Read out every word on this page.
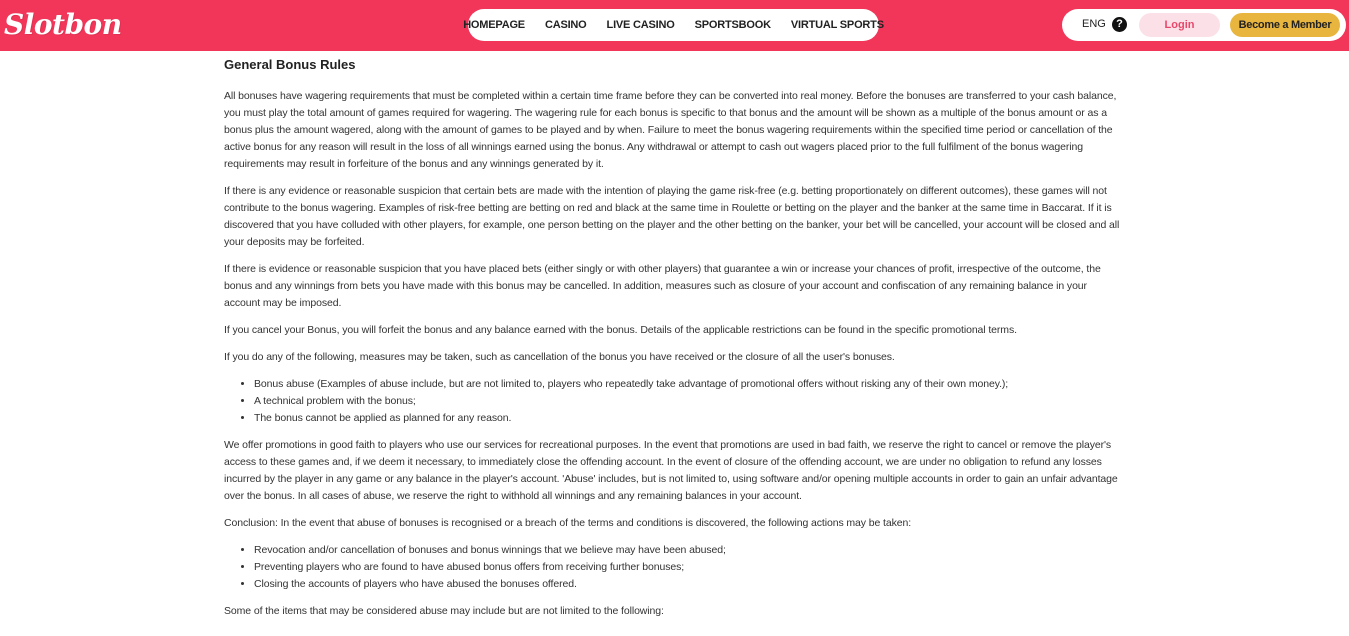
Slotbon	HOMEPAGE	CASINO	LIVE CASINO	SPORTSBOOK	VIRTUAL SPORTS	ENG ?	Login	Become a Member
General Bonus Rules

All bonuses have wagering requirements that must be completed within a certain time frame before they can be converted into real money. Before the bonuses are transferred to your cash balance, you must play the total amount of games required for wagering. The wagering rule for each bonus is specific to that bonus and the amount will be shown as a multiple of the bonus amount or as a bonus plus the amount wagered, along with the amount of games to be played and by when. Failure to meet the bonus wagering requirements within the specified time period or cancellation of the active bonus for any reason will result in the loss of all winnings earned using the bonus. Any withdrawal or attempt to cash out wagers placed prior to the full fulfilment of the bonus wagering requirements may result in forfeiture of the bonus and any winnings generated by it.

If there is any evidence or reasonable suspicion that certain bets are made with the intention of playing the game risk-free (e.g. betting proportionately on different outcomes), these games will not contribute to the bonus wagering. Examples of risk-free betting are betting on red and black at the same time in Roulette or betting on the player and the banker at the same time in Baccarat. If it is discovered that you have colluded with other players, for example, one person betting on the player and the other betting on the banker, your bet will be cancelled, your account will be closed and all your deposits may be forfeited.

If there is evidence or reasonable suspicion that you have placed bets (either singly or with other players) that guarantee a win or increase your chances of profit, irrespective of the outcome, the bonus and any winnings from bets you have made with this bonus may be cancelled. In addition, measures such as closure of your account and confiscation of any remaining balance in your account may be imposed.

If you cancel your Bonus, you will forfeit the bonus and any balance earned with the bonus. Details of the applicable restrictions can be found in the specific promotional terms.

If you do any of the following, measures may be taken, such as cancellation of the bonus you have received or the closure of all the user's bonuses.

• Bonus abuse (Examples of abuse include, but are not limited to, players who repeatedly take advantage of promotional offers without risking any of their own money.);
• A technical problem with the bonus;
• The bonus cannot be applied as planned for any reason.

We offer promotions in good faith to players who use our services for recreational purposes. In the event that promotions are used in bad faith, we reserve the right to cancel or remove the player's access to these games and, if we deem it necessary, to immediately close the offending account. In the event of closure of the offending account, we are under no obligation to refund any losses incurred by the player in any game or any balance in the player's account. 'Abuse' includes, but is not limited to, using software and/or opening multiple accounts in order to gain an unfair advantage over the bonus. In all cases of abuse, we reserve the right to withhold all winnings and any remaining balances in your account.

Conclusion: In the event that abuse of bonuses is recognised or a breach of the terms and conditions is discovered, the following actions may be taken:

• Revocation and/or cancellation of bonuses and bonus winnings that we believe may have been abused;
• Preventing players who are found to have abused bonus offers from receiving further bonuses;
• Closing the accounts of players who have abused the bonuses offered.

Some of the items that may be considered abuse may include but are not limited to the following:
